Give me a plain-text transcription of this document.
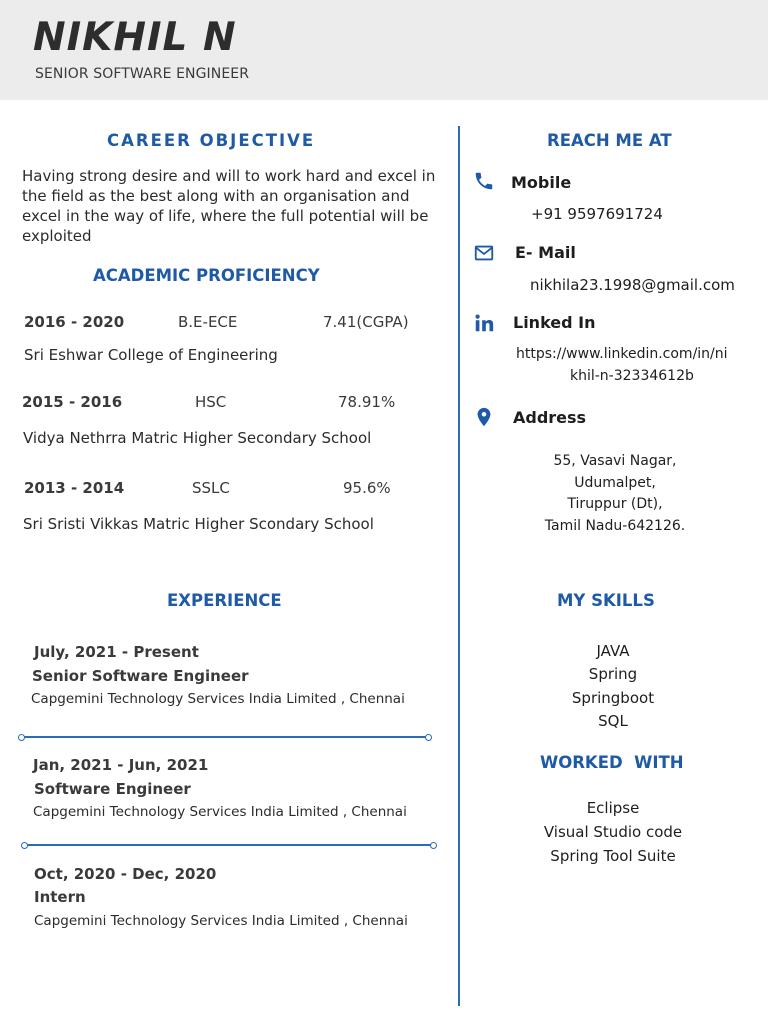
NIKHIL N

SENIOR SOFTWARE ENGINEER

CAREER OBJECTIVE

Having strong desire and will to work hard and excel in the field as the best along with an organisation and excel in the way of life, where the full potential will be exploited

ACADEMIC PROFICIENCY

2016 - 2020	B.E-ECE	7.41(CGPA)

Sri Eshwar College of Engineering

2015 - 2016	HSC	78.91%

Vidya Nethrra Matric Higher Secondary School

2013 - 2014	SSLC	95.6%

Sri Sristi Vikkas Matric Higher Scondary School

EXPERIENCE

July, 2021 - Present

Senior Software Engineer

Capgemini Technology Services India Limited , Chennai

Jan, 2021 - Jun, 2021

Software Engineer

Capgemini Technology Services India Limited , Chennai

Oct, 2020 - Dec, 2020

Intern

Capgemini Technology Services India Limited , Chennai

REACH ME AT

Mobile

+91 9597691724

E- Mail

nikhila23.1998@gmail.com

Linked In

https://www.linkedin.com/in/ni

khil-n-32334612b

Address

55, Vasavi Nagar,
Udumalpet,
Tiruppur (Dt),
Tamil Nadu-642126.
MY SKILLS
JAVA
Spring
Springboot
SQL
WORKED  WITH
Eclipse
Visual Studio code
Spring Tool Suite
